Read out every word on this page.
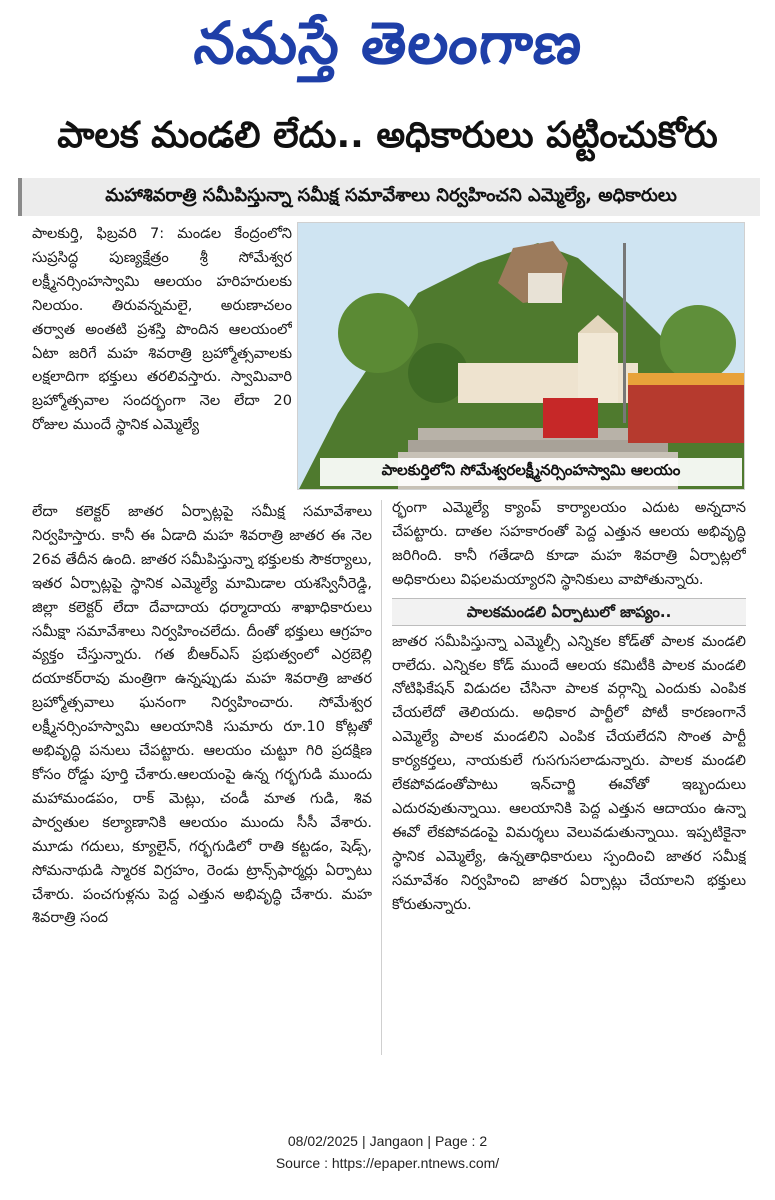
నమస్తే తెలంగాణ
పాలక మండలి లేదు.. అధికారులు పట్టించుకోరు
మహాశివరాత్రి సమీపిస్తున్నా సమీక్ష సమావేశాలు నిర్వహించని ఎమ్మెల్యే, అధికారులు

పాలకుర్తి, ఫిబ్రవరి 7: మండల కేంద్రంలోని సుప్రసిద్ధ పుణ్యక్షేత్రం శ్రీ సోమేశ్వర లక్ష్మీనర్సింహస్వామి ఆలయం హరిహరులకు నిలయం. తిరువన్నమలై, అరుణాచలం తర్వాత అంతటి ప్రశస్తి పొందిన ఆలయంలో ఏటా జరిగే మహ శివరాత్రి బ్రహ్మోత్సవాలకు లక్షలాదిగా భక్తులు తరలివస్తారు. స్వామివారి బ్రహ్మోత్సవాల సందర్భంగా నెల లేదా 20 రోజుల ముందే స్థానిక ఎమ్మెల్యే

పాలకుర్తిలోని సోమేశ్వరలక్ష్మీనర్సింహస్వామి ఆలయం

లేదా కలెక్టర్ జాతర ఏర్పాట్లపై సమీక్ష సమావేశాలు నిర్వహిస్తారు. కానీ ఈ ఏడాది మహ శివరాత్రి జాతర ఈ నెల 26వ తేదీన ఉంది. జాతర సమీపిస్తున్నా భక్తులకు సౌకర్యాలు, ఇతర ఏర్పాట్లపై స్థానిక ఎమ్మెల్యే మామిడాల యశస్వినీరెడ్డి, జిల్లా కలెక్టర్ లేదా దేవాదాయ ధర్మాదాయ శాఖాధికారులు సమీక్షా సమావేశాలు నిర్వహించలేదు. దీంతో భక్తులు ఆగ్రహం వ్యక్తం చేస్తున్నారు. గత బీఆర్ఎస్ ప్రభుత్వంలో ఎర్రబెల్లి దయాకర్‌రావు మంత్రిగా ఉన్నప్పుడు మహ శివరాత్రి జాతర బ్రహ్మోత్సవాలు ఘనంగా నిర్వహించారు. సోమేశ్వర లక్ష్మీనర్సింహస్వామి ఆలయానికి సుమారు రూ.10 కోట్లతో అభివృద్ధి పనులు చేపట్టారు. ఆలయం చుట్టూ గిరి ప్రదక్షిణ కోసం రోడ్డు పూర్తి చేశారు.ఆలయంపై ఉన్న గర్భగుడి ముందు మహామండపం, రాక్ మెట్లు, చండీ మాత గుడి, శివ పార్వతుల కల్యాణానికి ఆలయం ముందు సీసీ వేశారు. మూడు గదులు, క్యూలైన్, గర్భగుడిలో రాతి కట్టడం, షెడ్స్, సోమనాథుడి స్మారక విగ్రహం, రెండు ట్రాన్స్‌ఫార్మర్లు ఏర్పాటు చేశారు. పంచగుళ్లను పెద్ద ఎత్తున అభివృద్ధి చేశారు. మహ శివరాత్రి సంద

ర్భంగా ఎమ్మెల్యే క్యాంప్ కార్యాలయం ఎదుట అన్నదాన చేపట్టారు. దాతల సహకారంతో పెద్ద ఎత్తున ఆలయ అభివృద్ధి జరిగింది. కానీ గతేడాది కూడా మహ శివరాత్రి ఏర్పాట్లలో అధికారులు విఫలమయ్యారని స్థానికులు వాపోతున్నారు.

పాలకమండలి ఏర్పాటులో జాప్యం..

జాతర సమీపిస్తున్నా ఎమ్మెల్సీ ఎన్నికల కోడ్‌తో పాలక మండలి రాలేదు. ఎన్నికల కోడ్ ముందే ఆలయ కమిటీకి పాలక మండలి నోటిఫికేషన్ విడుదల చేసినా పాలక వర్గాన్ని ఎందుకు ఎంపిక చేయలేదో తెలియదు. అధికార పార్టీలో పోటీ కారణంగానే ఎమ్మెల్యే పాలక మండలిని ఎంపిక చేయలేదని సొంత పార్టీ కార్యకర్తలు, నాయకులే గుసగుసలాడున్నారు. పాలక మండలి లేకపోవడంతోపాటు ఇన్‌చార్జి ఈవోతో ఇబ్బందులు ఎదురవుతున్నాయి. ఆలయానికి పెద్ద ఎత్తున ఆదాయం ఉన్నా ఈవో లేకపోవడంపై విమర్శలు వెలువడుతున్నాయి. ఇప్పటికైనా స్థానిక ఎమ్మెల్యే, ఉన్నతాధికారులు స్పందించి జాతర సమీక్ష సమావేశం నిర్వహించి జాతర ఏర్పాట్లు చేయాలని భక్తులు కోరుతున్నారు.

08/02/2025 | Jangaon | Page : 2
Source : https://epaper.ntnews.com/
